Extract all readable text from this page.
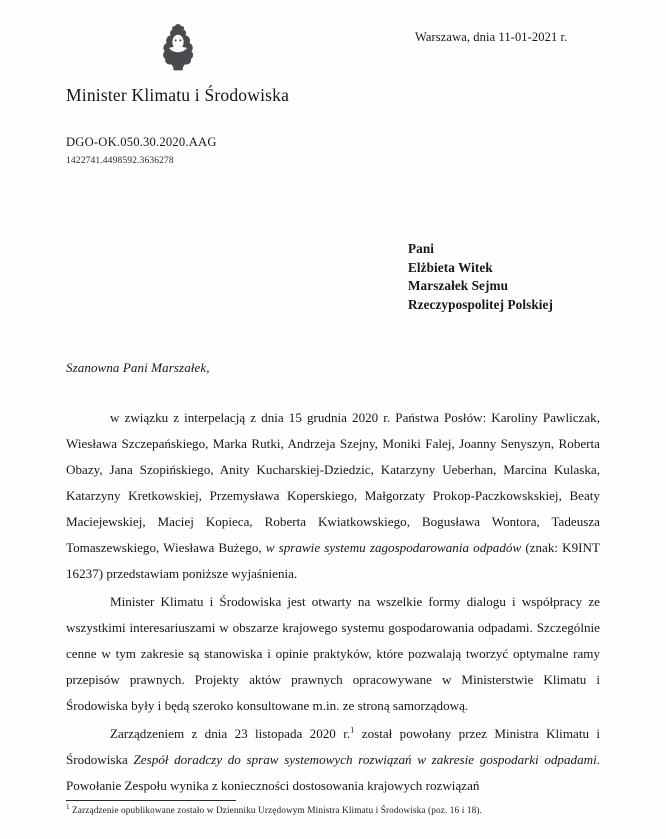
Warszawa, dnia 11-01-2021 r.
Minister Klimatu i Środowiska
DGO-OK.050.30.2020.AAG
1422741.4498592.3636278
Pani
Elżbieta Witek
Marszałek Sejmu
Rzeczypospolitej Polskiej
Szanowna Pani Marszałek,

w związku z interpelacją z dnia 15 grudnia 2020 r. Państwa Posłów: Karoliny Pawliczak, Wiesława Szczepańskiego, Marka Rutki, Andrzeja Szejny, Moniki Falej, Joanny Senyszyn, Roberta Obazy, Jana Szopińskiego, Anity Kucharskiej-Dziedzic, Katarzyny Ueberhan, Marcina Kulaska, Katarzyny Kretkowskiej, Przemysława Koperskiego, Małgorzaty Prokop-Paczkowskskiej, Beaty Maciejewskiej, Maciej Kopieca, Roberta Kwiatkowskiego, Bogusława Wontora, Tadeusza Tomaszewskiego, Wiesława Bużego, w sprawie systemu zagospodarowania odpadów (znak: K9INT 16237) przedstawiam poniższe wyjaśnienia.

Minister Klimatu i Środowiska jest otwarty na wszelkie formy dialogu i współpracy ze wszystkimi interesariuszami w obszarze krajowego systemu gospodarowania odpadami. Szczególnie cenne w tym zakresie są stanowiska i opinie praktyków, które pozwalają tworzyć optymalne ramy przepisów prawnych. Projekty aktów prawnych opracowywane w Ministerstwie Klimatu i Środowiska były i będą szeroko konsultowane m.in. ze stroną samorządową.

Zarządzeniem z dnia 23 listopada 2020 r.$^1$ został powołany przez Ministra Klimatu i Środowiska Zespół doradczy do spraw systemowych rozwiązań w zakresie gospodarki odpadami. Powołanie Zespołu wynika z konieczności dostosowania krajowych rozwiązań

$^1$ Zarządzenie opublikowane zostało w Dzienniku Urzędowym Ministra Klimatu i Środowiska (poz. 16 i 18).
